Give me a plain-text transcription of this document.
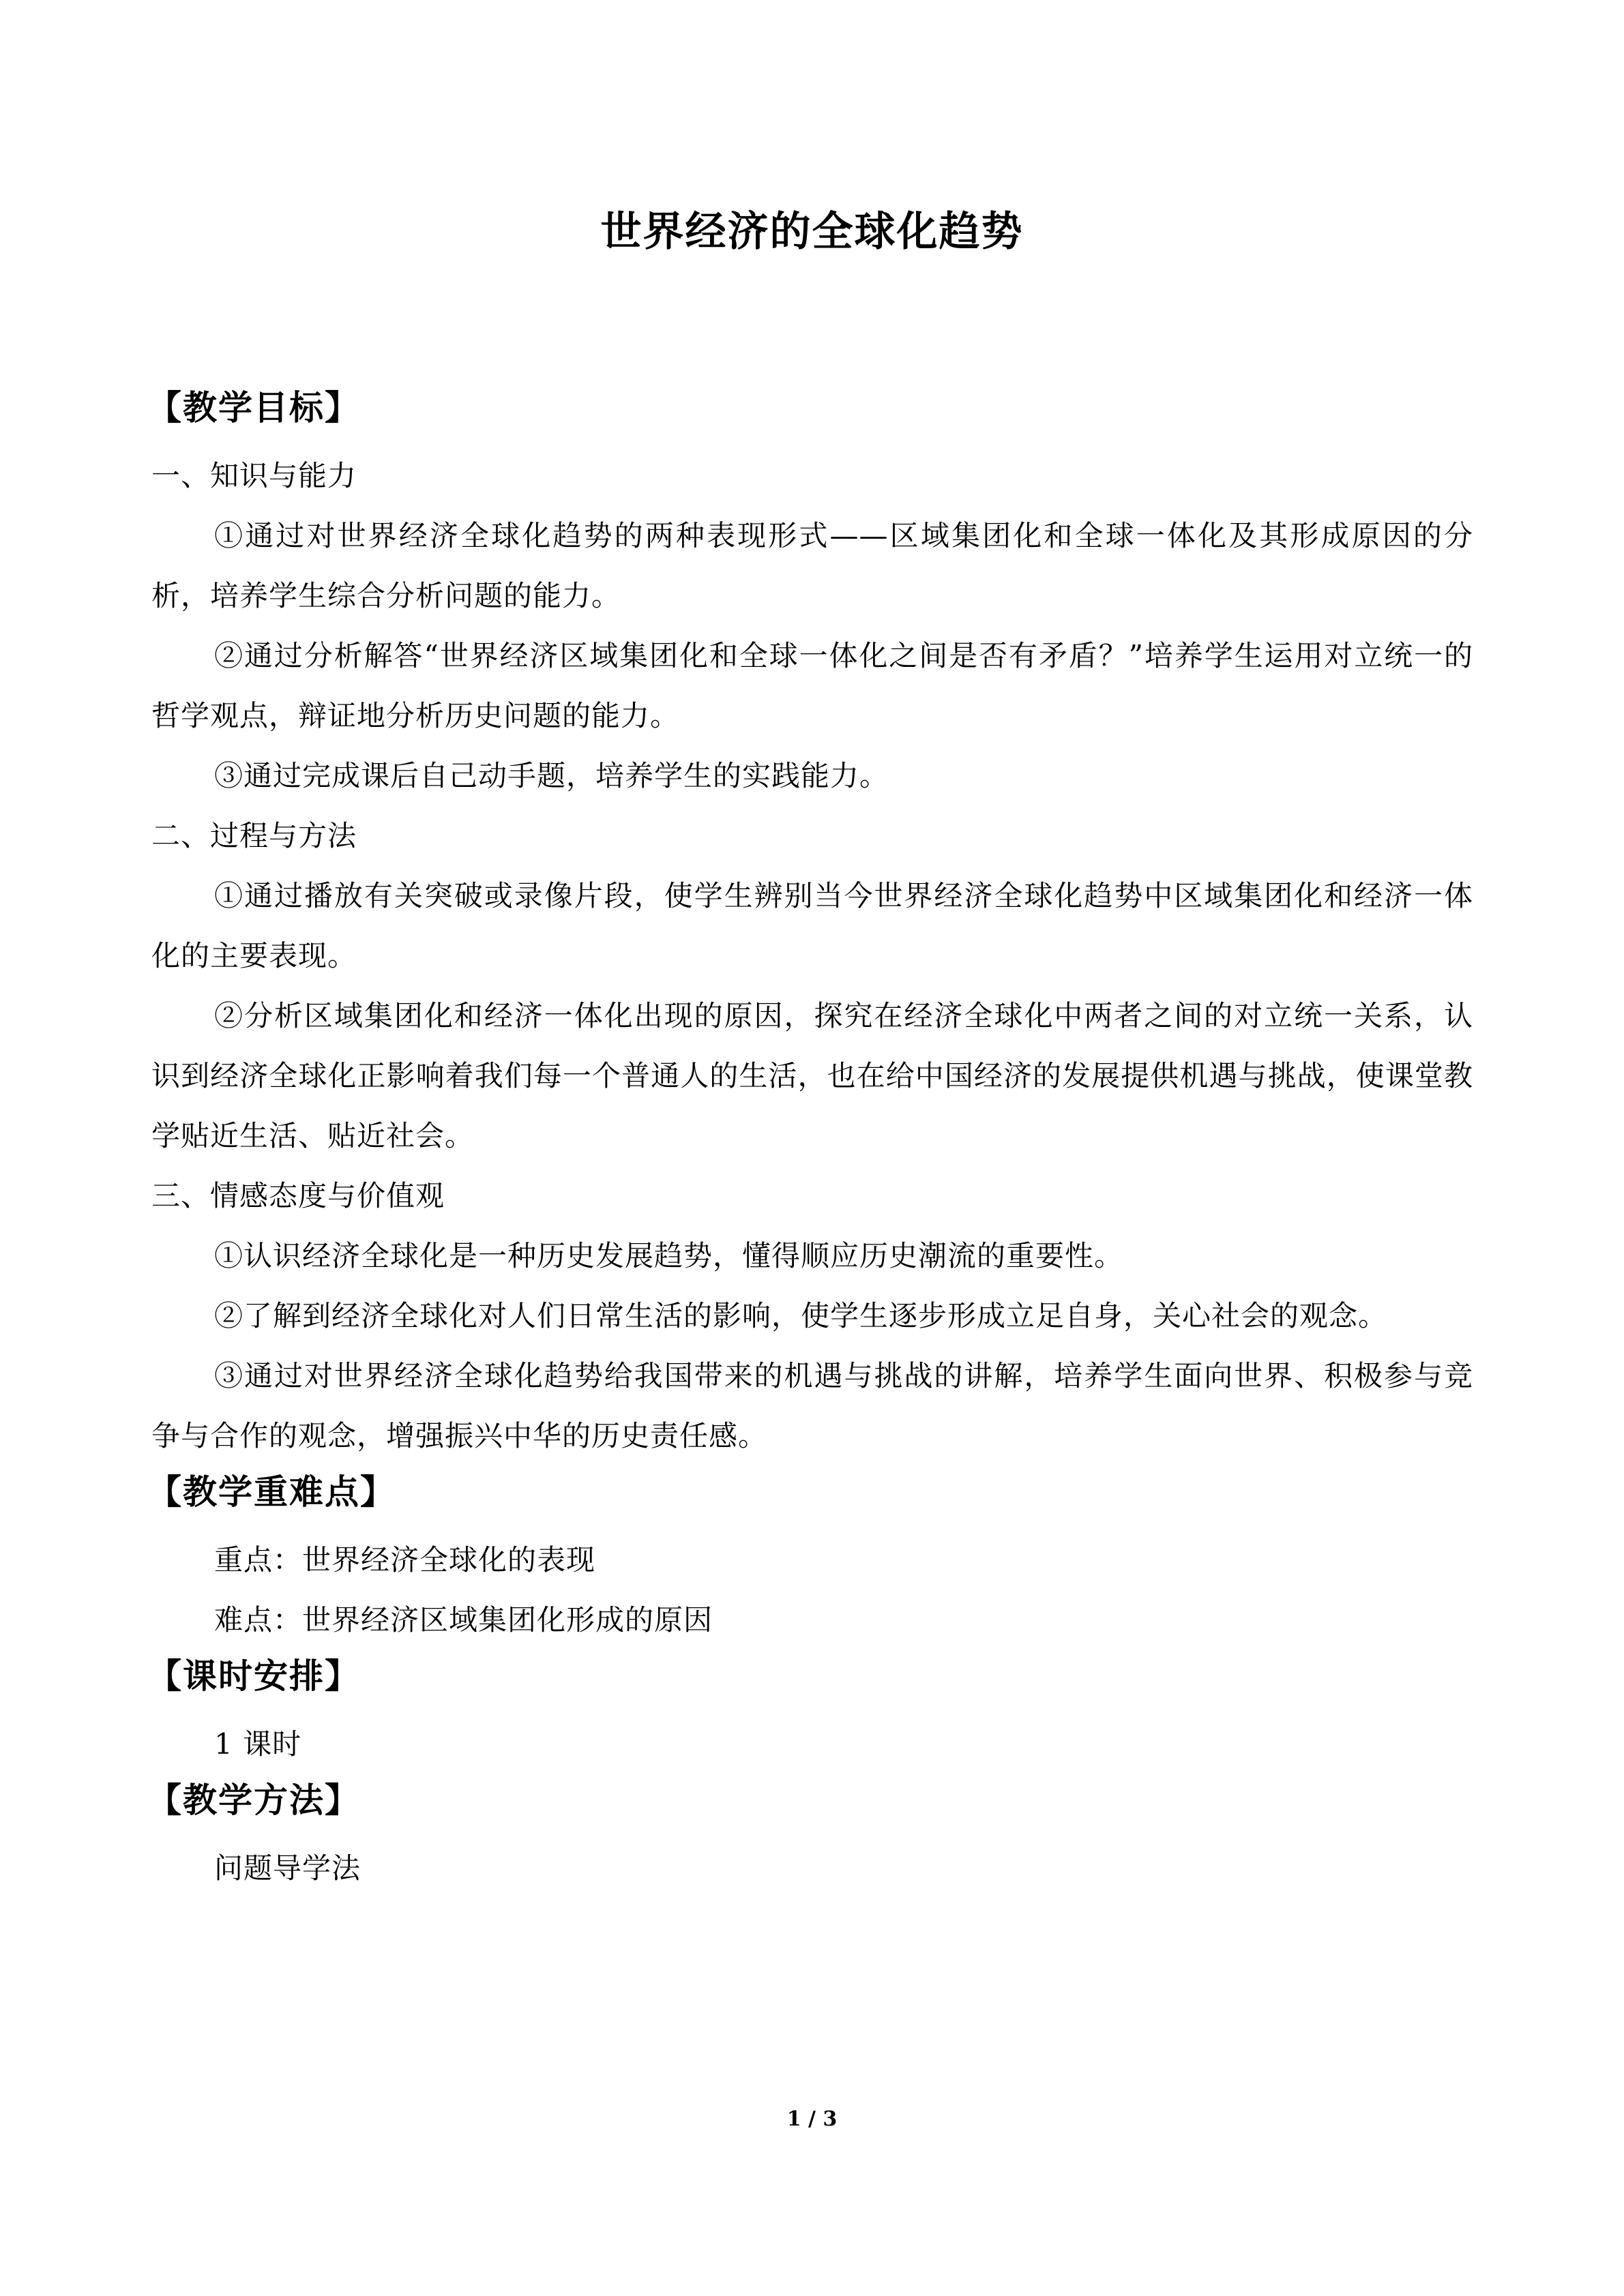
世界经济的全球化趋势
【教学目标】
一、知识与能力

①通过对世界经济全球化趋势的两种表现形式——区域集团化和全球一体化及其形成原因的分析，培养学生综合分析问题的能力。

②通过分析解答“世界经济区域集团化和全球一体化之间是否有矛盾？”培养学生运用对立统一的哲学观点，辩证地分析历史问题的能力。

③通过完成课后自己动手题，培养学生的实践能力。

二、过程与方法

①通过播放有关突破或录像片段，使学生辨别当今世界经济全球化趋势中区域集团化和经济一体化的主要表现。

②分析区域集团化和经济一体化出现的原因，探究在经济全球化中两者之间的对立统一关系，认识到经济全球化正影响着我们每一个普通人的生活，也在给中国经济的发展提供机遇与挑战，使课堂教学贴近生活、贴近社会。

三、情感态度与价值观

①认识经济全球化是一种历史发展趋势，懂得顺应历史潮流的重要性。

②了解到经济全球化对人们日常生活的影响，使学生逐步形成立足自身，关心社会的观念。

③通过对世界经济全球化趋势给我国带来的机遇与挑战的讲解，培养学生面向世界、积极参与竞争与合作的观念，增强振兴中华的历史责任感。

【教学重难点】

重点：世界经济全球化的表现

难点：世界经济区域集团化形成的原因

【课时安排】

1 课时

【教学方法】

问题导学法

1 / 3
